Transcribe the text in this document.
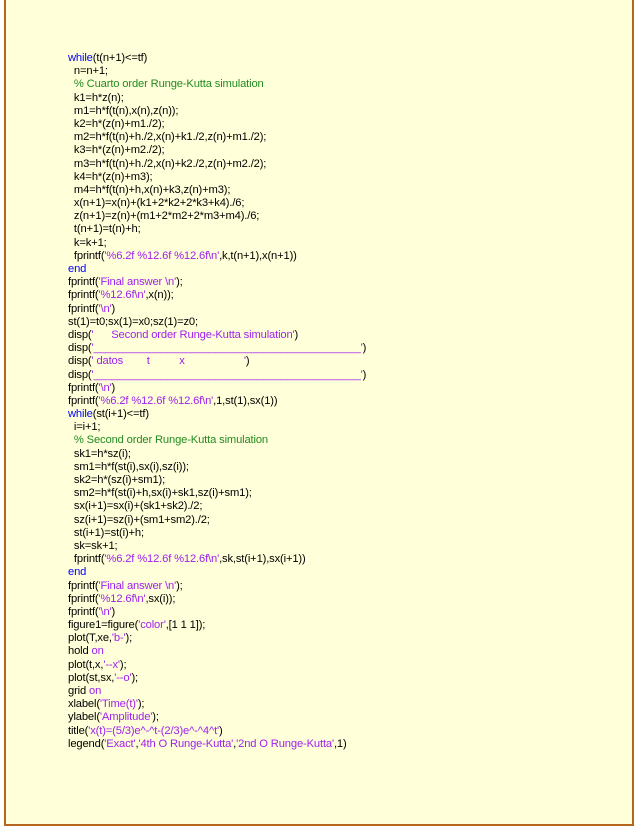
while(t(n+1)<=tf)
n=n+1;
% Cuarto order Runge-Kutta simulation
k1=h*z(n);
m1=h*f(t(n),x(n),z(n));
k2=h*(z(n)+m1./2);
m2=h*f(t(n)+h./2,x(n)+k1./2,z(n)+m1./2);
k3=h*(z(n)+m2./2);
m3=h*f(t(n)+h./2,x(n)+k2./2,z(n)+m2./2);
k4=h*(z(n)+m3);
m4=h*f(t(n)+h,x(n)+k3,z(n)+m3);
x(n+1)=x(n)+(k1+2*k2+2*k3+k4)./6;
z(n+1)=z(n)+(m1+2*m2+2*m3+m4)./6;
t(n+1)=t(n)+h;
k=k+1;
fprintf('%6.2f %12.6f %12.6f\n',k,t(n+1),x(n+1))
end
fprintf('Final answer \n');
fprintf('%12.6f\n',x(n));
fprintf('\n')
st(1)=t0;sx(1)=x0;sz(1)=z0;
disp('      Second order Runge-Kutta simulation')
disp('____________________________________________')
disp(' datos        t          x                    ')
disp('____________________________________________')
fprintf('\n')
fprintf('%6.2f %12.6f %12.6f\n',1,st(1),sx(1))
while(st(i+1)<=tf)
i=i+1;
% Second order Runge-Kutta simulation
sk1=h*sz(i);
sm1=h*f(st(i),sx(i),sz(i));
sk2=h*(sz(i)+sm1);
sm2=h*f(st(i)+h,sx(i)+sk1,sz(i)+sm1);
sx(i+1)=sx(i)+(sk1+sk2)./2;
sz(i+1)=sz(i)+(sm1+sm2)./2;
st(i+1)=st(i)+h;
sk=sk+1;
fprintf('%6.2f %12.6f %12.6f\n',sk,st(i+1),sx(i+1))
end
fprintf('Final answer \n');
fprintf('%12.6f\n',sx(i));
fprintf('\n')
figure1=figure('color',[1 1 1]);
plot(T,xe,'b-');
hold on
plot(t,x,'--x');
plot(st,sx,'--o');
grid on
xlabel('Time(t)');
ylabel('Amplitude');
title('x(t)=(5/3)e^-^t-(2/3)e^-^4^t')
legend('Exact','4th O Runge-Kutta','2nd O Runge-Kutta',1)
